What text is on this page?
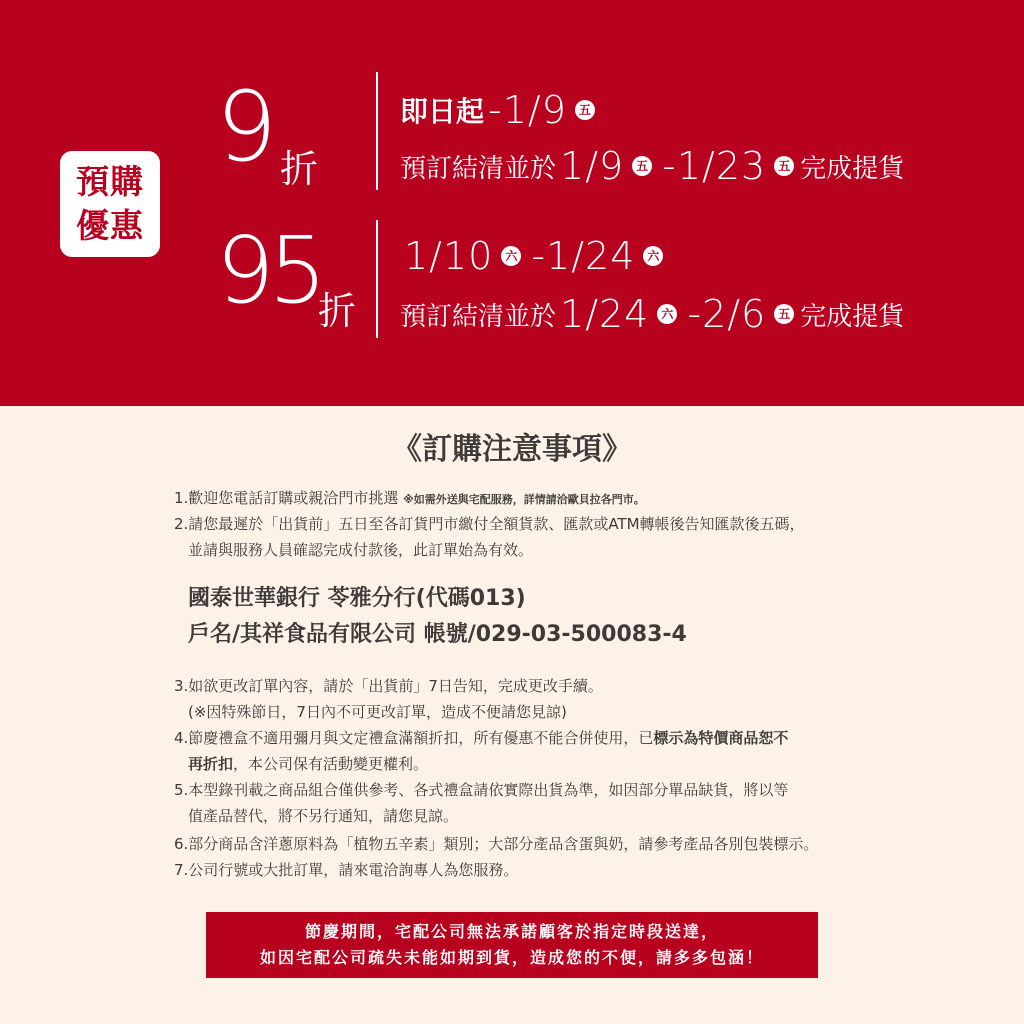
預購
優惠
9 折
即日起 -1/9 五
預訂結清並於 1/9 五 -1/23 五 完成提貨
95
折
1/10 六 -1/24 六
預訂結清並於 1/24 六 -2/6 五 完成提貨
《訂購注意事項》
1.歡迎您電話訂購或親洽門市挑選 ※如需外送與宅配服務，詳情請洽歐貝拉各門市。
2.請您最遲於「出貨前」五日至各訂貨門市繳付全額貨款、匯款或ATM轉帳後告知匯款後五碼，
並請與服務人員確認完成付款後，此訂單始為有效。
國泰世華銀行 苓雅分行(代碼013)
戶名/其祥食品有限公司 帳號/029-03-500083-4
3.如欲更改訂單內容，請於「出貨前」7日告知，完成更改手續。
(※因特殊節日，7日內不可更改訂單，造成不便請您見諒)
4.節慶禮盒不適用彌月與文定禮盒滿額折扣，所有優惠不能合併使用，已標示為特價商品恕不
再折扣，本公司保有活動變更權利。
5.本型錄刊載之商品組合僅供參考、各式禮盒請依實際出貨為準，如因部分單品缺貨，將以等
值產品替代，將不另行通知，請您見諒。
6.部分商品含洋蔥原料為「植物五辛素」類別；大部分產品含蛋與奶，請參考產品各別包裝標示。
7.公司行號或大批訂單，請來電洽詢專人為您服務。
節慶期間，宅配公司無法承諾顧客於指定時段送達，
如因宅配公司疏失未能如期到貨，造成您的不便，請多多包涵！
